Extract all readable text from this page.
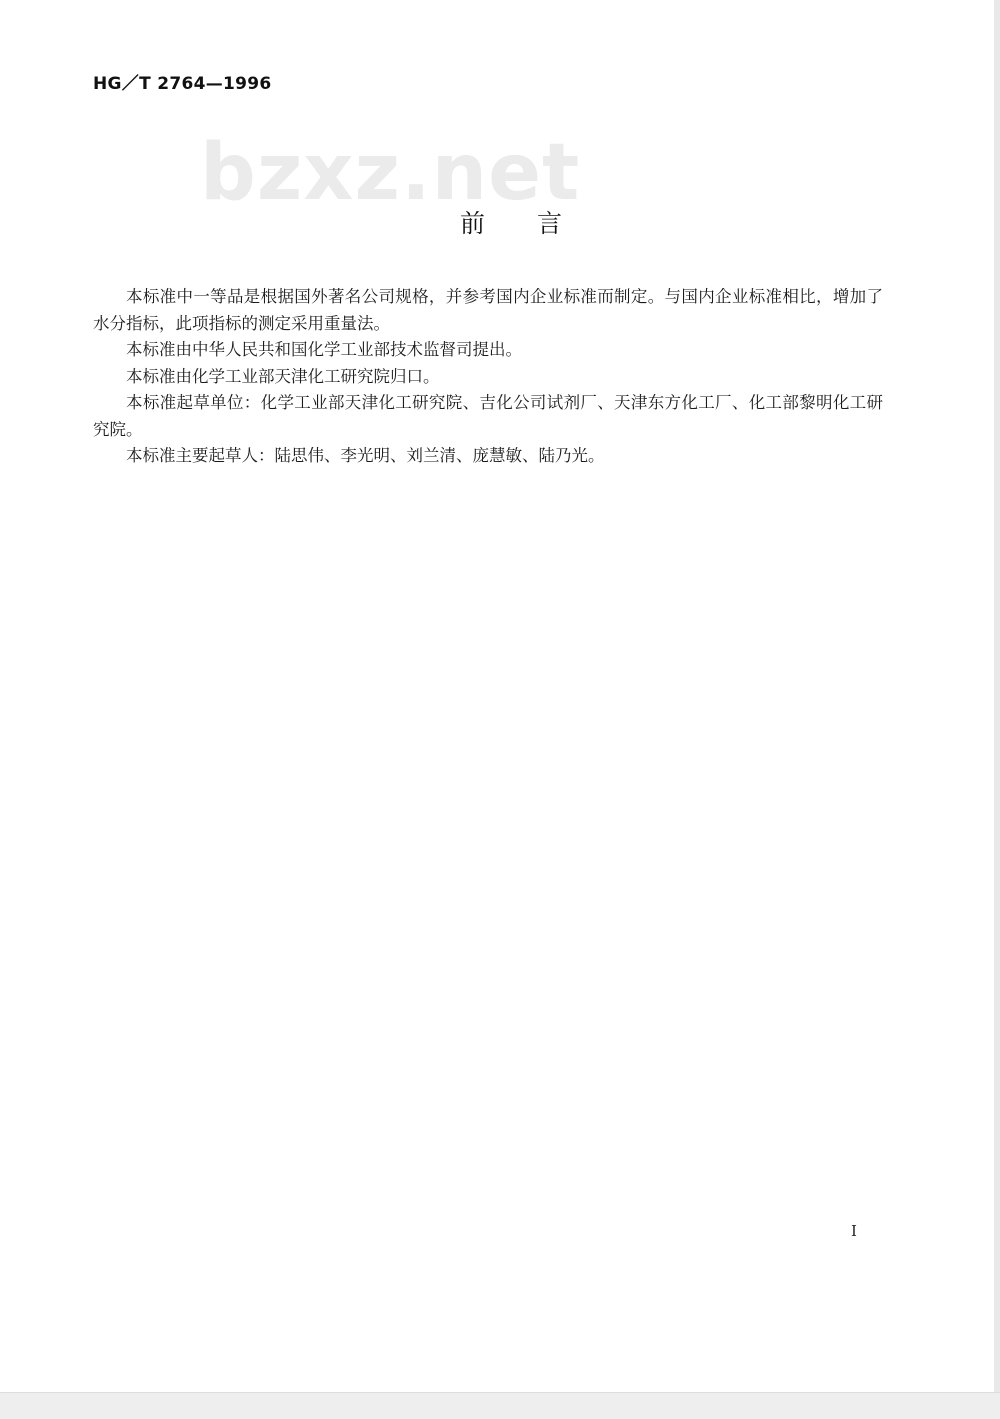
HG／T 2764—1996
bzxz.net
前言

本标准中一等品是根据国外著名公司规格，并参考国内企业标准而制定。与国内企业标准相比，增加了水分指标，此项指标的测定采用重量法。

本标准由中华人民共和国化学工业部技术监督司提出。

本标准由化学工业部天津化工研究院归口。

本标准起草单位：化学工业部天津化工研究院、吉化公司试剂厂、天津东方化工厂、化工部黎明化工研究院。

本标准主要起草人：陆思伟、李光明、刘兰清、庞慧敏、陆乃光。

I
